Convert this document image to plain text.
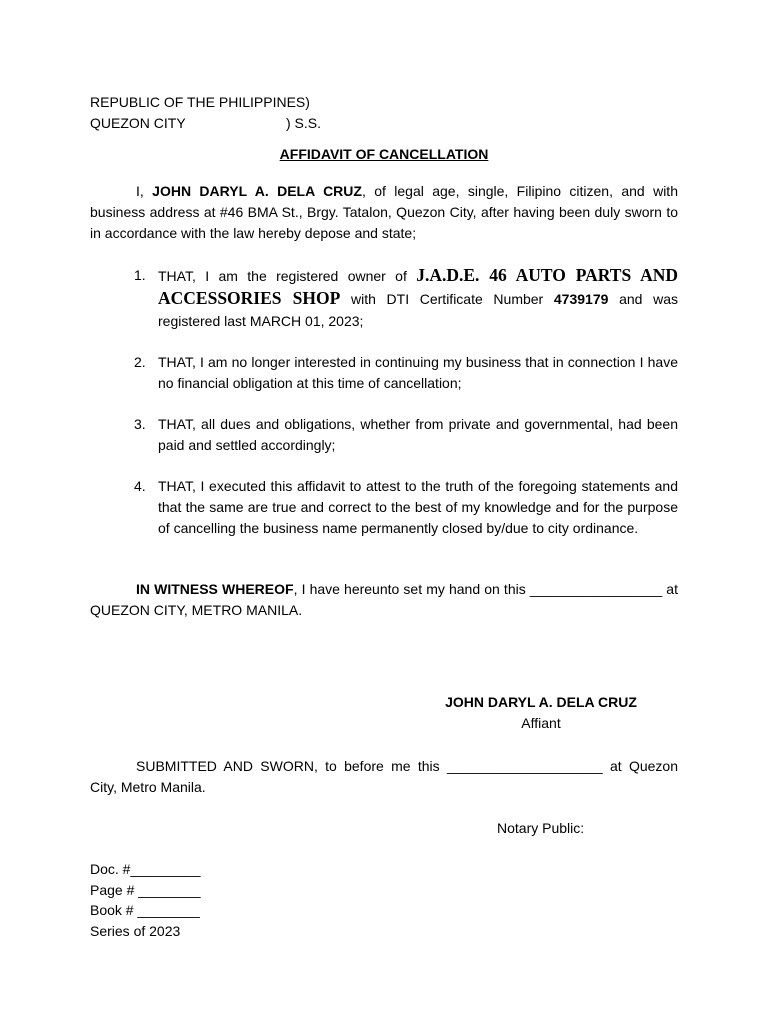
REPUBLIC OF THE PHILIPPINES)
QUEZON CITY	) S.S.
AFFIDAVIT OF CANCELLATION

I, JOHN DARYL A. DELA CRUZ, of legal age, single, Filipino citizen, and with business address at #46 BMA St., Brgy. Tatalon, Quezon City, after having been duly sworn to in accordance with the law hereby depose and state;

1. THAT, I am the registered owner of J.A.D.E. 46 AUTO PARTS AND ACCESSORIES SHOP with DTI Certificate Number 4739179 and was registered last MARCH 01, 2023;
2. THAT, I am no longer interested in continuing my business that in connection I have no financial obligation at this time of cancellation;
3. THAT, all dues and obligations, whether from private and governmental, had been paid and settled accordingly;
4. THAT, I executed this affidavit to attest to the truth of the foregoing statements and that the same are true and correct to the best of my knowledge and for the purpose of cancelling the business name permanently closed by/due to city ordinance.

IN WITNESS WHEREOF, I have hereunto set my hand on this _________________ at QUEZON CITY, METRO MANILA.

JOHN DARYL A. DELA CRUZ
Affiant

SUBMITTED AND SWORN, to before me this ____________________ at Quezon City, Metro Manila.

Notary Public:
Doc. #_________
Page # ________
Book # ________
Series of 2023
